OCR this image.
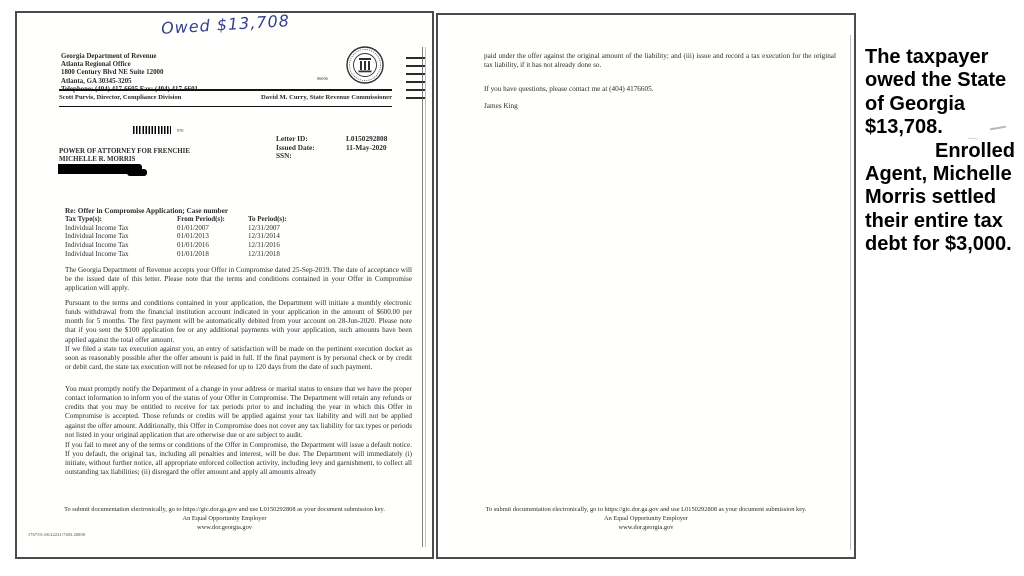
Owed $13,708
Georgia Department of Revenue
Atlanta Regional Office
1800 Century Blvd NE Suite 12000
Atlanta, GA 30345-3205	86006
Scott Purvis, Director, Compliance Division	David M. Curry, State Revenue Commissioner
970
POWER OF ATTORNEY FOR FRENCHIE
MICHELLE R. MORRIS
Letter ID:	L0150292808
Issued Date:	11-May-2020
SSN:
Re: Offer in Compromise Application; Case number
Tax Type(s):	From Period(s):	To Period(s):
Individual Income Tax	01/01/2007	12/31/2007
Individual Income Tax	01/01/2013	12/31/2014
Individual Income Tax	01/01/2016	12/31/2016
Individual Income Tax	01/01/2018	12/31/2018
The Georgia Department of Revenue accepts your Offer in Compromise dated 25-Sep-2019. The date of acceptance will be the issued date of this letter. Please note that the terms and conditions contained in your Offer in Compromise application will apply.
Pursuant to the terms and conditions contained in your application, the Department will initiate a monthly electronic funds withdrawal from the financial institution account indicated in your application in the amount of $600.00 per month for 5 months. The first payment will be automatically debited from your account on 28-Jun-2020. Please note that if you sent the $100 application fee or any additional payments with your application, such amounts have been applied against the total offer amount.
If we filed a state tax execution against you, an entry of satisfaction will be made on the pertinent execution docket as soon as reasonably possible after the offer amount is paid in full. If the final payment is by personal check or by credit or debit card, the state tax execution will not be released for up to 120 days from the date of such payment.
You must promptly notify the Department of a change in your address or marital status to ensure that we have the proper contact information to inform you of the status of your Offer in Compromise. The Department will retain any refunds or credits that you may be entitled to receive for tax periods prior to and including the year in which this Offer in Compromise is accepted. Those refunds or credits will be applied against your tax liability and will not be applied against the offer amount. Additionally, this Offer in Compromise does not cover any tax liability for tax types or periods not listed in your original application that are otherwise due or are subject to audit.
If you fail to meet any of the terms or conditions of the Offer in Compromise, the Department will issue a default notice. If you default, the original tax, including all penalties and interest, will be due. The Department will immediately (i) initiate, without further notice, all appropriate enforced collection activity, including levy and garnishment, to collect all outstanding tax liabilities; (ii) disregard the offer amount and apply all amounts already
To submit documentation electronically, go to https://gtc.dor.ga.gov and use L0150292808 as your document submission key.
An Equal Opportunity Employer
www.dor.georgia.gov
1767/01.06/22221/7403.20000
paid under the offer against the original amount of the liability; and (iii) issue and record a tax execution for the original tax liability, if it has not already done so.
If you have questions, please contact me at (404) 4176605.
James King
To submit documentation electronically, go to https://gtc.dor.ga.gov and use L0150292808 as your document submission key.
An Equal Opportunity Employer
www.dor.georgia.gov
The taxpayer
owed the State
of Georgia
$13,708.
Enrolled
Agent, Michelle
Morris settled
their entire tax
debt for $3,000.
